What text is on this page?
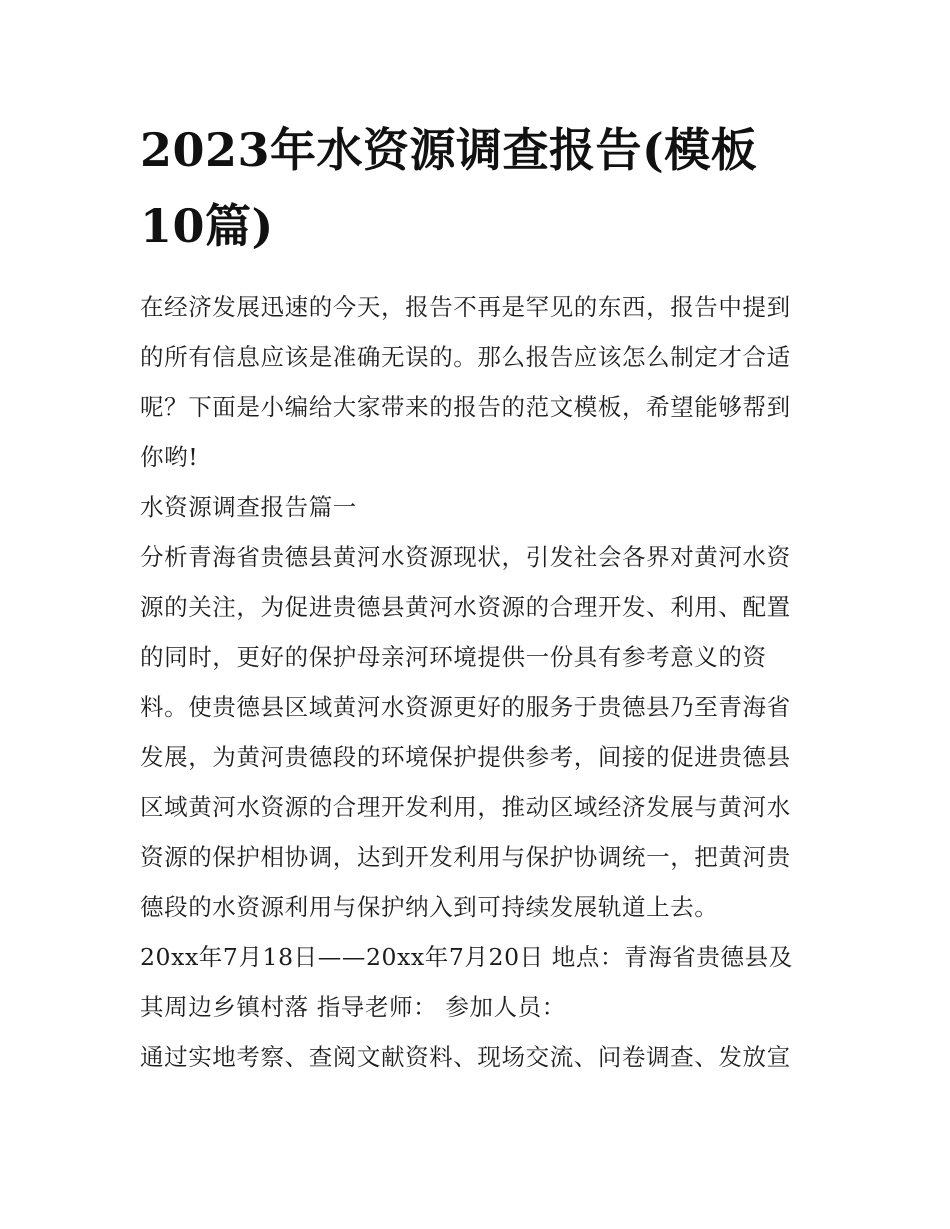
2023年水资源调查报告(模板
10篇)

在经济发展迅速的今天，报告不再是罕见的东西，报告中提到
的所有信息应该是准确无误的。那么报告应该怎么制定才合适
呢？下面是小编给大家带来的报告的范文模板，希望能够帮到
你哟!

水资源调查报告篇一

分析青海省贵德县黄河水资源现状，引发社会各界对黄河水资
源的关注，为促进贵德县黄河水资源的合理开发、利用、配置
的同时，更好的保护母亲河环境提供一份具有参考意义的资
料。使贵德县区域黄河水资源更好的服务于贵德县乃至青海省
发展，为黄河贵德段的环境保护提供参考，间接的促进贵德县
区域黄河水资源的合理开发利用，推动区域经济发展与黄河水
资源的保护相协调，达到开发利用与保护协调统一，把黄河贵
德段的水资源利用与保护纳入到可持续发展轨道上去。

20xx年7月18日——20xx年7月20日 地点：青海省贵德县及
其周边乡镇村落 指导老师： 参加人员：

通过实地考察、查阅文献资料、现场交流、问卷调查、发放宣
